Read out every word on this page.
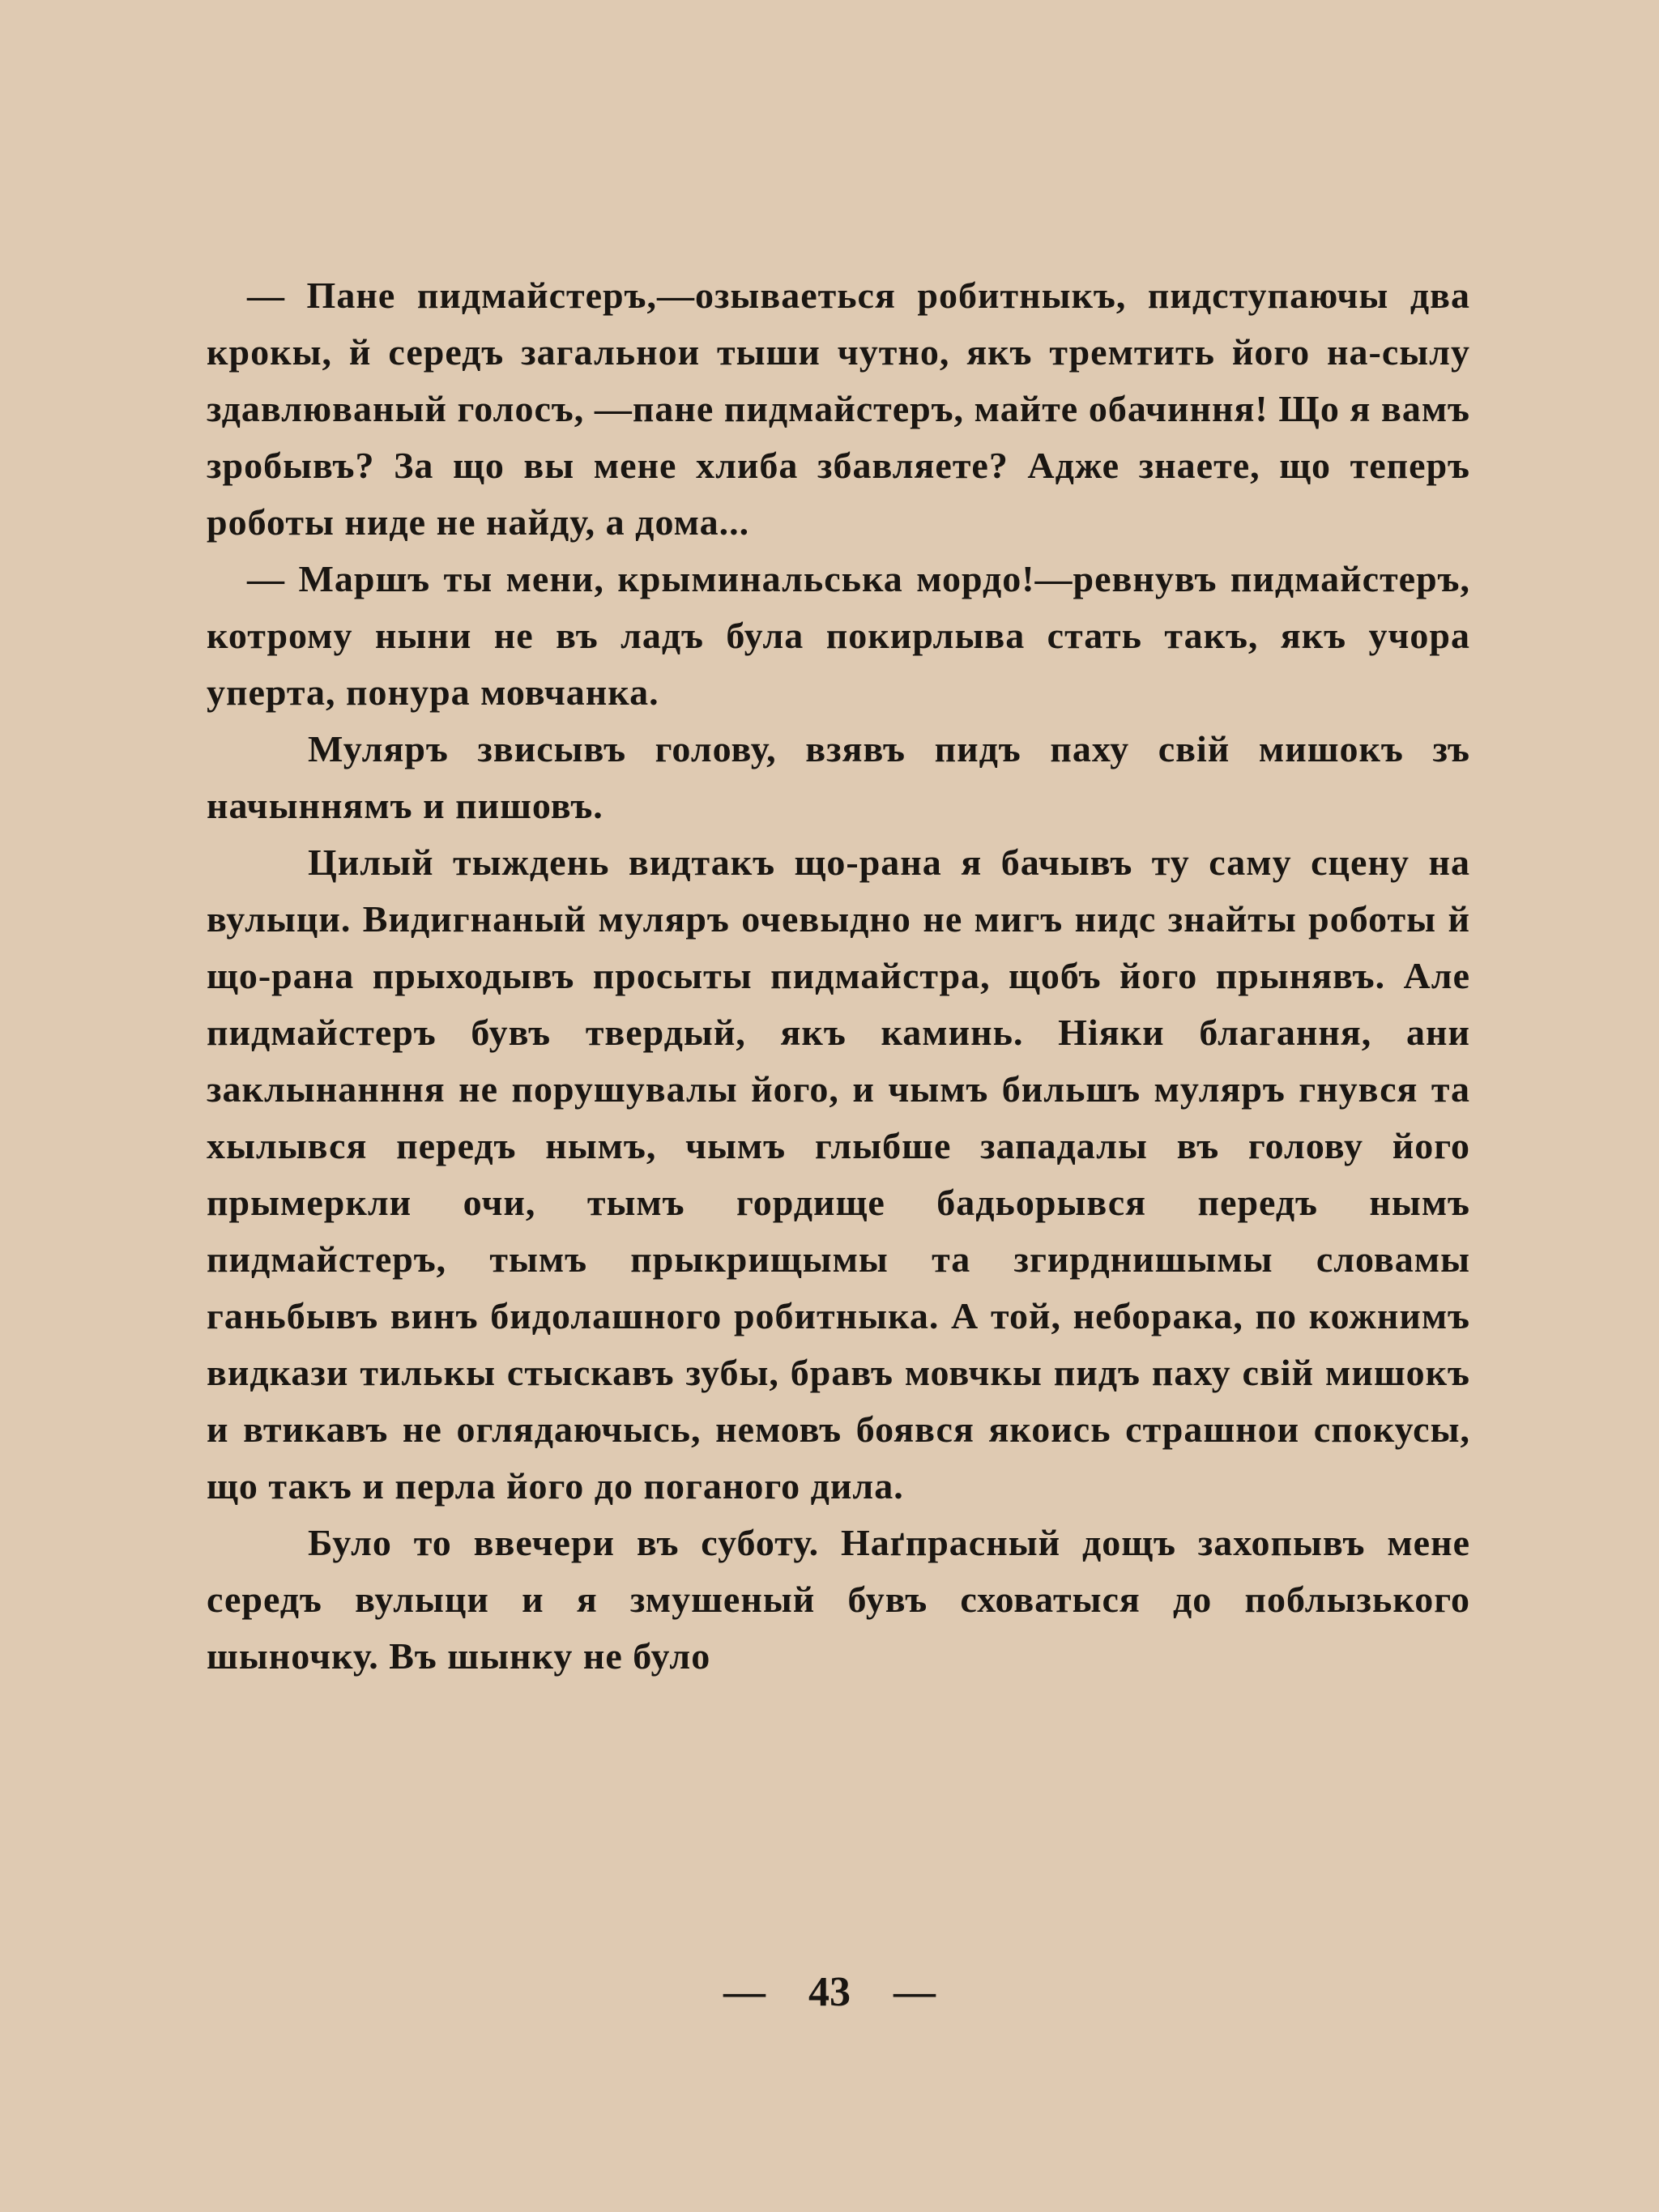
— Пане пидмайстеръ,—озываеться робитныкъ, пидступаючы два крокы, й середъ загальнои тыши чутно, якъ тремтить його на-сылу здавлюваный голосъ, —пане пидмайстеръ, майте обачиння! Що я вамъ зробывъ? За що вы мене хлиба збавляете? Адже знаете, що теперъ роботы ниде не найду, а дома...

— Маршъ ты мени, крыминальська мордо!—ревнувъ пидмайстеръ, котрому ныни не въ ладъ була покирлыва стать такъ, якъ учора уперта, понура мовчанка.

Муляръ звисывъ голову, взявъ пидъ паху свій мишокъ зъ начыннямъ и пишовъ.

Цилый тыждень видтакъ що-рана я бачывъ ту саму сцену на вулыци. Видигнаный муляръ очевыдно не мигъ нидс знайты роботы й що-рана прыходывъ просыты пидмайстра, щобъ його прынявъ. Але пидмайстеръ бувъ твердый, якъ каминь. Ніяки благання, ани заклынанння не порушувалы його, и чымъ бильшъ муляръ гнувся та хылывся передъ нымъ, чымъ глыбше западалы въ голову його прымеркли очи, тымъ гордище бадьорывся передъ нымъ пидмайстеръ, тымъ прыкрищымы та згирднишымы словамы ганьбывъ винъ бидолашного робитныка. А той, неборака, по кожнимъ видкази тилькы стыскавъ зубы, бравъ мовчкы пидъ паху свій мишокъ и втикавъ не оглядаючысь, немовъ боявся якоись страшнои спокусы, що такъ и перла його до поганого дила.

Було то ввечери въ суботу. Наґпрасный дощъ захопывъ мене середъ вулыци и я змушеный бувъ сховатыся до поблызького шыночку. Въ шынку не було

— 43 —
